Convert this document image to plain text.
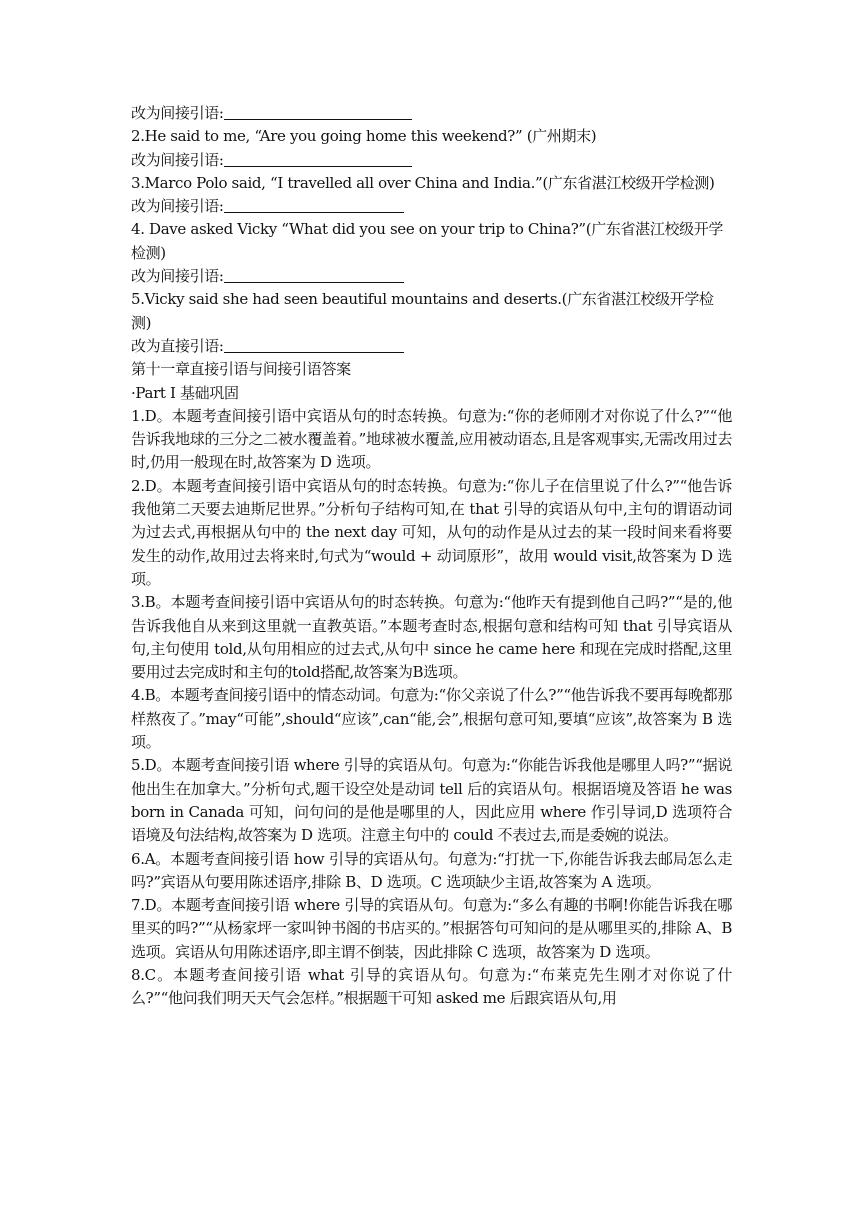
改为间接引语:

2.He said to me, “Are you going home this weekend?” (广州期末)

改为间接引语:

3.Marco Polo said, “I travelled all over China and India.”(广东省湛江校级开学检测)

改为间接引语:

4. Dave asked Vicky “What did you see on your trip to China?”(广东省湛江校级开学

检测)

改为间接引语:

5.Vicky said she had seen beautiful mountains and deserts.(广东省湛江校级开学检

测)

改为直接引语:

第十一章直接引语与间接引语答案

·Part I 基础巩固

1.D。本题考查间接引语中宾语从句的时态转换。句意为:“你的老师刚才对你说了什么?”“他告诉我地球的三分之二被水覆盖着。”地球被水覆盖,应用被动语态,且是客观事实,无需改用过去时,仍用一般现在时,故答案为 D 选项。

2.D。本题考查间接引语中宾语从句的时态转换。句意为:“你儿子在信里说了什么?”“他告诉我他第二天要去迪斯尼世界。”分析句子结构可知,在 that 引导的宾语从句中,主句的谓语动词为过去式,再根据从句中的 the next day 可知，从句的动作是从过去的某一段时间来看将要发生的动作,故用过去将来时,句式为“would + 动词原形”，故用 would visit,故答案为 D 选项。

3.B。本题考查间接引语中宾语从句的时态转换。句意为:“他昨天有提到他自己吗?”“是的,他告诉我他自从来到这里就一直教英语。”本题考查时态,根据句意和结构可知 that 引导宾语从句,主句使用 told,从句用相应的过去式,从句中 since he came here 和现在完成时搭配,这里要用过去完成时和主句的told搭配,故答案为B选项。

4.B。本题考查间接引语中的情态动词。句意为:“你父亲说了什么?”“他告诉我不要再每晚都那样熬夜了。”may“可能”,should“应该”,can“能,会”,根据句意可知,要填“应该”,故答案为 B 选项。

5.D。本题考查间接引语 where 引导的宾语从句。句意为:“你能告诉我他是哪里人吗?”“据说他出生在加拿大。”分析句式,题干设空处是动词 tell 后的宾语从句。根据语境及答语 he was born in Canada 可知，问句问的是他是哪里的人，因此应用 where 作引导词,D 选项符合语境及句法结构,故答案为 D 选项。注意主句中的 could 不表过去,而是委婉的说法。

6.A。本题考查间接引语 how 引导的宾语从句。句意为:“打扰一下,你能告诉我去邮局怎么走吗?”宾语从句要用陈述语序,排除 B、D 选项。C 选项缺少主语,故答案为 A 选项。

7.D。本题考查间接引语 where 引导的宾语从句。句意为:“多么有趣的书啊!你能告诉我在哪里买的吗?”“从杨家坪一家叫钟书阁的书店买的。”根据答句可知问的是从哪里买的,排除 A、B 选项。宾语从句用陈述语序,即主谓不倒装，因此排除 C 选项，故答案为 D 选项。

8.C。本题考查间接引语 what 引导的宾语从句。句意为:“布莱克先生刚才对你说了什么?”“他问我们明天天气会怎样。”根据题干可知 asked me 后跟宾语从句,用
